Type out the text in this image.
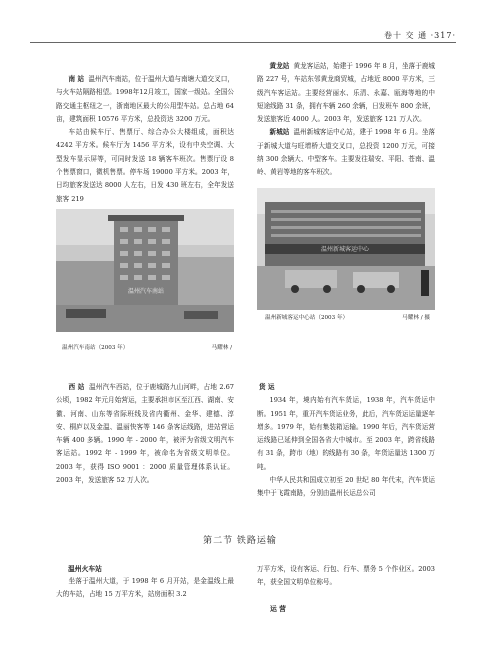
卷十 交 通 ·317·

南 站 温州汽车南站，位于温州大道与南塘大道交叉口，与火车站隔路相望。1998年12月竣工，国家一级站。全国公路交通主枢纽之一，浙南地区最大的公用型车站。总占地 64 亩，建筑面积 10576 平方米，总投资达 3200 万元。

车站由候车厅、售票厅、综合办公大楼组成，面积达 4242 平方米。候车厅为 1456 平方米，设有中央空调、大型发车显示屏等，可同时发送 18 辆客车班次。售票厅设 8 个售票窗口，微机售票。停车场 19000 平方米。2003 年，日均旅客发送达 8000 人左右，日发 430 班左右，全年发送旅客 219

黄龙站 黄龙客运站，始建于 1996 年 8 月，坐落于鹿城路 227 号，车站东邻黄龙商贸城，占地近 8000 平方米，三级汽车客运站。主要经营丽水、乐清、永嘉、瓯海等地的中短途线路 31 条，拥有车辆 260 余辆，日发班车 800 余班，发送旅客近 4000 人。2003 年，发送旅客 121 万人次。

新城站 温州新城客运中心站，建于 1998 年 6 月。坐落于新城大道与旺增桥大道交叉口，总投资 1200 万元，可接纳 300 余辆大、中型客车。主要发往瑞安、平阳、苍南、温岭、黄岩等地的客车班次。

温州汽车南站
温州汽车南站（2003 年）	马耀林 /
温州新城客运中心
温州新城客运中心站（2003 年）	马耀林 / 摄

西 站 温州汽车西站，位于鹿城路九山河畔，占地 2.67 公顷，1982 年元月始营运，主要承担市区至江西、湖南、安徽、河南、山东等省际班线及省内衢州、金华、建德、淳安、桐庐以及金温、温丽快客等 146 条客运线路，进站营运车辆 400 多辆。1990 年 - 2000 年，被评为省级文明汽车客运站。1992 年 - 1999 年，被命名为省级文明单位。2003 年，获得 ISO 9001 ：2000 质量管理体系认证。2003 年，发送旅客 52 万人次。

货 运

1934 年，境内始有汽车货运，1938 年，汽车货运中断。1951 年，重开汽车货运业务，此后，汽车货运运量逐年增多。1979 年，始有集装箱运输。1990 年后，汽车货运营运线路已延伸到全国各省大中城市。至 2003 年，跨省线路有 31 条，跨市（地）的线路有 30 条，年货运量达 1300 万吨。

中华人民共和国成立初至 20 世纪 80 年代末，汽车货运集中于飞霞南路，分别由温州长运总公司

第二节 铁路运输
温州火车站

坐落于温州大道，于 1998 年 6 月开站，是金温线上最大的车站，占地 15 万平方米，站房面积 3.2

万平方米，设有客运、行包、行车、票务 5 个作业区。2003 年，获全国文明单位称号。

运 营
